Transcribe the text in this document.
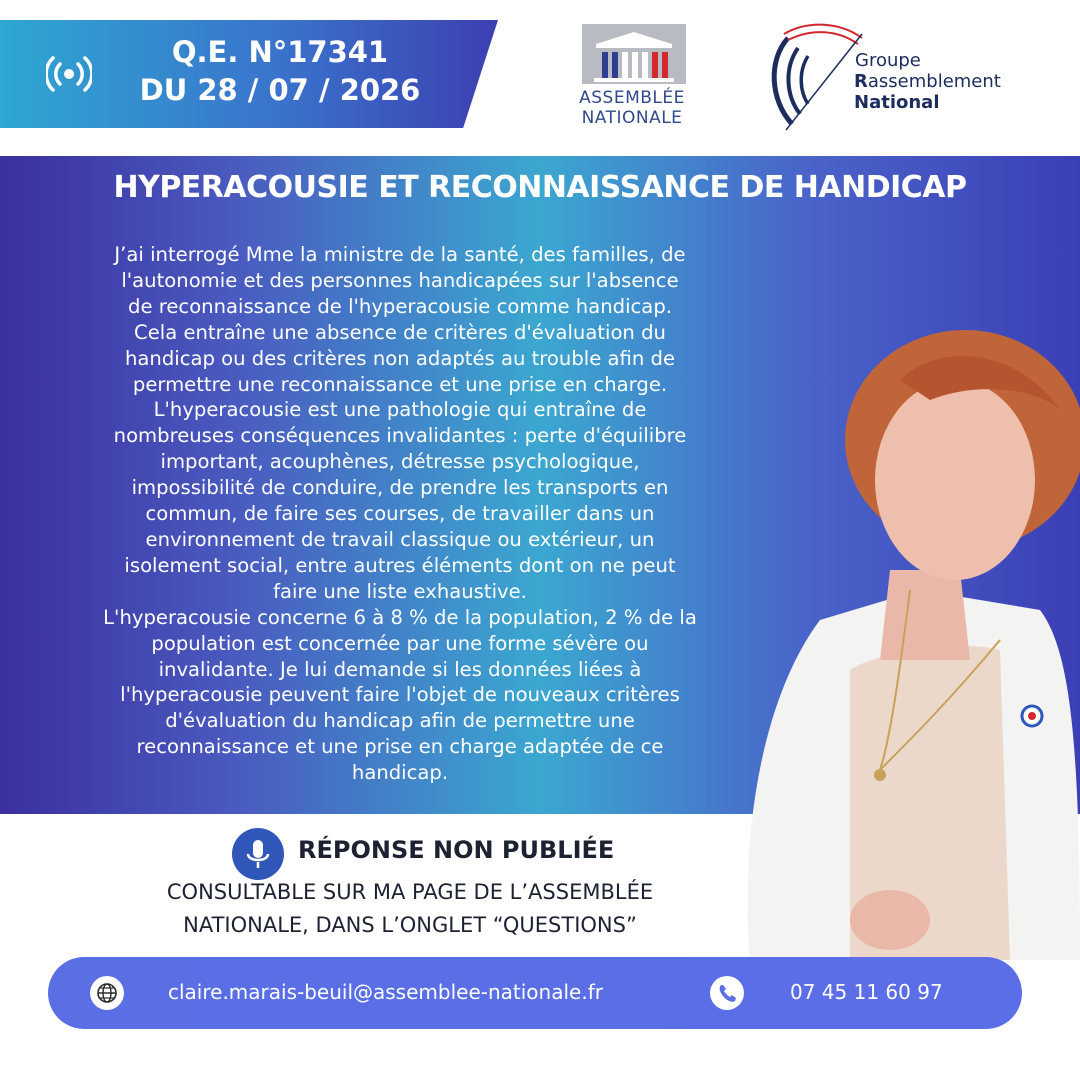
Q.E. N°17341
DU 28 / 07 / 2026	ASSEMBLÉE
NATIONALE
Groupe
Rassemblement
National
HYPERACOUSIE ET RECONNAISSANCE DE HANDICAP
J’ai interrogé Mme la ministre de la santé, des familles, de
l'autonomie et des personnes handicapées sur l'absence
de reconnaissance de l'hyperacousie comme handicap.
Cela entraîne une absence de critères d'évaluation du
handicap ou des critères non adaptés au trouble afin de
permettre une reconnaissance et une prise en charge.
L'hyperacousie est une pathologie qui entraîne de
nombreuses conséquences invalidantes : perte d'équilibre
important, acouphènes, détresse psychologique,
impossibilité de conduire, de prendre les transports en
commun, de faire ses courses, de travailler dans un
environnement de travail classique ou extérieur, un
isolement social, entre autres éléments dont on ne peut
faire une liste exhaustive.
L'hyperacousie concerne 6 à 8 % de la population, 2 % de la
population est concernée par une forme sévère ou
invalidante. Je lui demande si les données liées à
l'hyperacousie peuvent faire l'objet de nouveaux critères
d'évaluation du handicap afin de permettre une
reconnaissance et une prise en charge adaptée de ce
handicap.
RÉPONSE NON PUBLIÉE
CONSULTABLE SUR MA PAGE DE L’ASSEMBLÉE
NATIONALE, DANS L’ONGLET “QUESTIONS”
claire.marais-beuil@assemblee-nationale.fr	07 45 11 60 97
